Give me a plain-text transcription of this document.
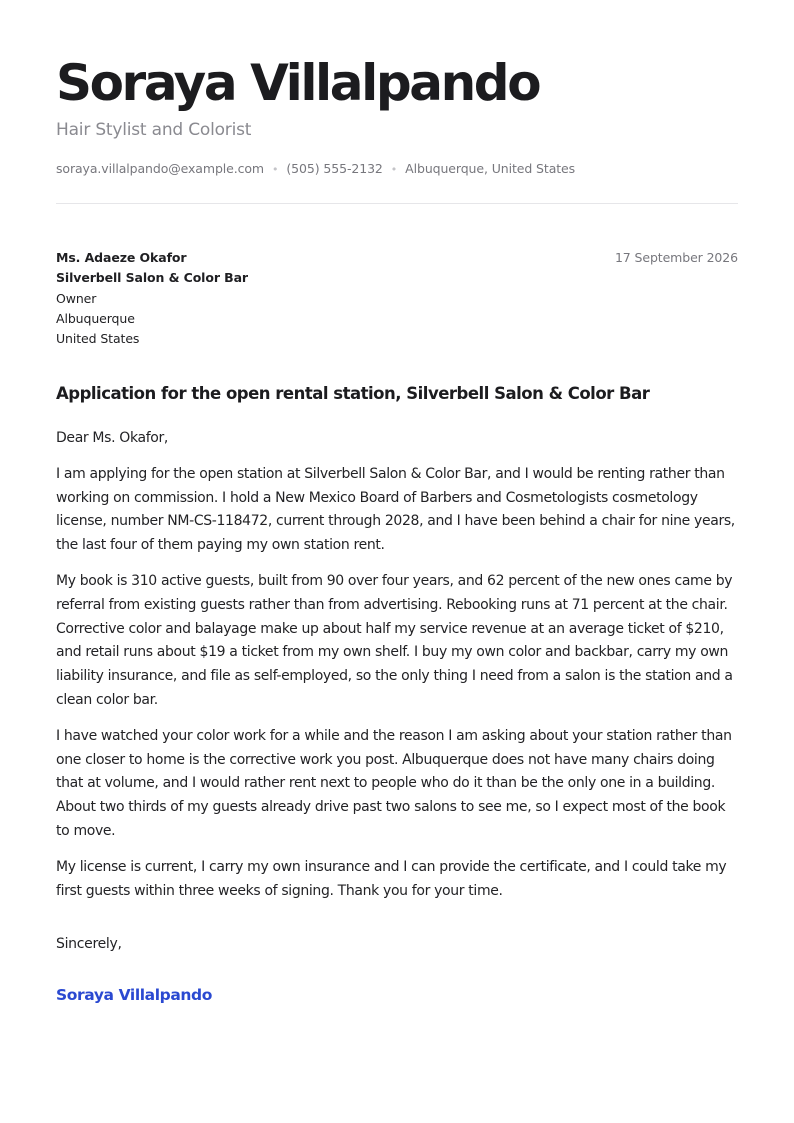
Soraya Villalpando
Hair Stylist and Colorist
soraya.villalpando@example.com • (505) 555-2132 • Albuquerque, United States
Ms. Adaeze Okafor
Silverbell Salon & Color Bar
Owner
Albuquerque
United States
17 September 2026
Application for the open rental station, Silverbell Salon & Color Bar

Dear Ms. Okafor,

I am applying for the open station at Silverbell Salon & Color Bar, and I would be renting rather than working on commission. I hold a New Mexico Board of Barbers and Cosmetologists cosmetology license, number NM-CS-118472, current through 2028, and I have been behind a chair for nine years, the last four of them paying my own station rent.

My book is 310 active guests, built from 90 over four years, and 62 percent of the new ones came by referral from existing guests rather than from advertising. Rebooking runs at 71 percent at the chair. Corrective color and balayage make up about half my service revenue at an average ticket of $210, and retail runs about $19 a ticket from my own shelf. I buy my own color and backbar, carry my own liability insurance, and file as self-employed, so the only thing I need from a salon is the station and a clean color bar.

I have watched your color work for a while and the reason I am asking about your station rather than one closer to home is the corrective work you post. Albuquerque does not have many chairs doing that at volume, and I would rather rent next to people who do it than be the only one in a building. About two thirds of my guests already drive past two salons to see me, so I expect most of the book to move.

My license is current, I carry my own insurance and I can provide the certificate, and I could take my first guests within three weeks of signing. Thank you for your time.

Sincerely,
Soraya Villalpando
